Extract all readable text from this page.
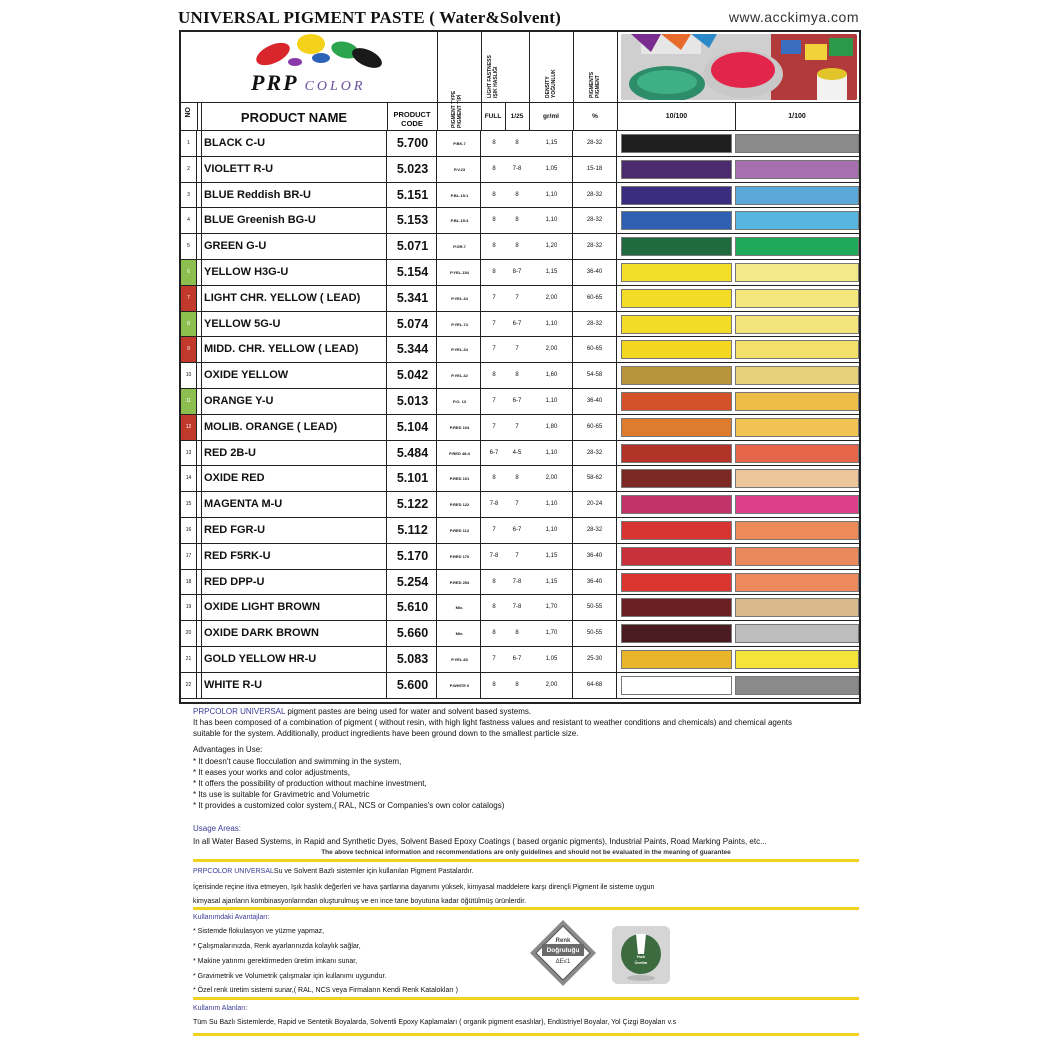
UNIVERSAL PIGMENT PASTE ( Water&Solvent)	www.acckimya.com
PRP COLOR
NO	PRODUCT NAME	PRODUCT
CODE	PIGMENT TYPE PIGMENT TİPİ
LIGHT FASTNESS IŞIK HASLIĞI	DENSITY YOĞUNLUK	PIGMENTS PIGMENT
FULL	1/25	gr/ml	%	10/100	1/100
1	BLACK C-U	5.700	P.BK.7	8	8	1,15	28-32
2	VIOLETT R-U	5.023	P.V.23	8	7-8	1,05	15-18
3	BLUE Reddish BR-U	5.151	P.BL.15:1	8	8	1,10	28-32
4	BLUE Greenish BG-U	5.153	P.BL.15:3	8	8	1,10	28-32
5	GREEN G-U	5.071	P.GR.7	8	8	1,20	28-32
6	YELLOW H3G-U	5.154	P.YEL.154	8	8-7	1,15	36-40
7	LIGHT CHR. YELLOW ( LEAD)	5.341	P.YEL.34	7	7	2,00	60-65
8	YELLOW 5G-U	5.074	P.YEL.74	7	6-7	1,10	28-32
9	MIDD. CHR. YELLOW ( LEAD)	5.344	P.YEL.34	7	7	2,00	60-65
10	OXIDE YELLOW	5.042	P.YEL.42	8	8	1,60	54-58
11	ORANGE Y-U	5.013	P.O. 13	7	6-7	1,10	36-40
12	MOLIB. ORANGE ( LEAD)	5.104	P.RED 104	7	7	1,80	60-65
13	RED 2B-U	5.484	P.RED 48:4	6-7	4-5	1,10	28-32
14	OXIDE RED	5.101	P.RED 101	8	8	2,00	58-62
15	MAGENTA M-U	5.122	P.RED 122	7-8	7	1,10	20-24
16	RED FGR-U	5.112	P.RED 112	7	6-7	1,10	28-32
17	RED F5RK-U	5.170	P.RED 170	7-8	7	1,15	36-40
18	RED DPP-U	5.254	P.RED 254	8	7-8	1,15	36-40
19	OXIDE LIGHT BROWN	5.610	Mix.	8	7-8	1,70	50-55
20	OXIDE DARK BROWN	5.660	Mix.	8	8	1,70	50-55
21	GOLD YELLOW HR-U	5.083	P.YEL.83	7	6-7	1,05	25-30
22	WHITE R-U	5.600	P.WHITE 6	8	8	2,00	64-68
PRPCOLOR UNIVERSAL pigment pastes are being used for water and solvent based systems.
It has been composed of a combination of pigment ( without resin, with high light fastness values and resistant to weather conditions and chemicals) and chemical agents
suitable for the system. Additionally, product ingredients have been ground down to the smallest particle size.
Advantages in Use:
* It doesn't cause flocculation and swimming in the system,
* It eases your works and color adjustments,
* It offers the possibility of production without machine investment,
* Its use is suitable for Gravimetric and Volumetric
* It provides a customized color system,( RAL, NCS or Companies's own color catalogs)
Usage Areas:
In all Water Based Systems, in Rapid and Synthetic Dyes, Solvent Based Epoxy Coatings ( based organic pigments), Industrial Paints, Road Marking Paints, etc...
The above technical information and recommendations are only guidelines and should not be evaluated in the meaning of guarantee
PRPCOLOR UNIVERSALSu ve Solvent Bazlı sistemler için kullanılan Pigment Pastalardır.
İçerisinde reçine itiva etmeyen, Işık haslık değerleri ve hava şartlarına dayanımı yüksek, kimyasal maddelere karşı dirençli Pigment ile sisteme uygun
kimyasal ajanların kombinasyonlarından oluşturulmuş ve en ince tane boyutuna kadar öğütülmüş ürünlerdir.
Kullanımdaki Avantajları:
* Sistemde flokulasyon ve yüzme yapmaz,
* Çalışmalarınızda, Renk ayarlarınızda kolaylık sağlar,
* Makine yatırımı gerektirmeden üretim imkanı sunar,
* Gravimetrik ve Volumetrik çalışmalar için kullanımı uygundur.
* Özel renk üretim sistemi sunar,( RAL, NCS veya Firmaların Kendi Renk Katalokları )
Renk
Doğruluğu
ΔE≤1
Hızlı
Üretim
Kullanım Alanları:
Tüm Su Bazlı Sistemlerde, Rapid ve Sentetik Boyalarda, Solventli Epoxy Kaplamaları ( organik pigment esaslılar), Endüstriyel Boyalar, Yol Çizgi Boyaları v.s
